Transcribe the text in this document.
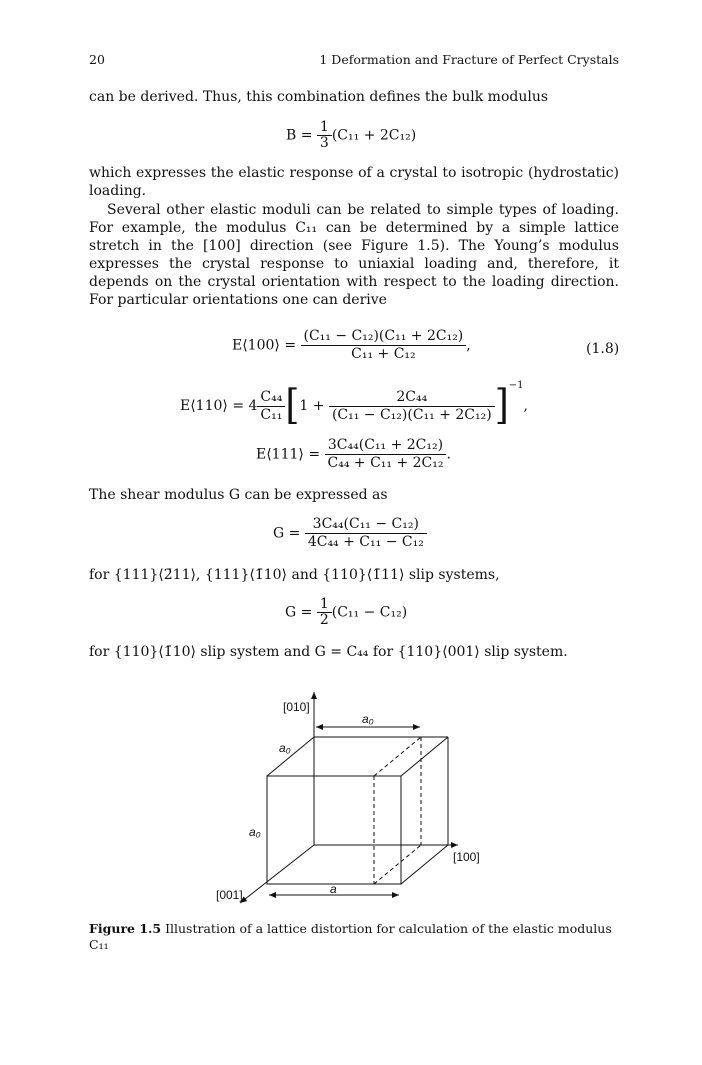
20	1 Deformation and Fracture of Perfect Crystals
can be derived. Thus, this combination defines the bulk modulus
$B = \frac{1}{3} (C_{11} + 2C_{12})$
which expresses the elastic response of a crystal to isotropic (hydrostatic) loading.
Several other elastic moduli can be related to simple types of loading. For example, the modulus C₁₁ can be determined by a simple lattice stretch in the [100] direction (see Figure 1.5). The Young’s modulus expresses the crystal response to uniaxial loading and, therefore, it depends on the crystal orientation with respect to the loading direction. For particular orientations one can derive
E⟨100⟩ = $\frac{\text{(C₁₁ − C₁₂)(C₁₁ + 2C₁₂)}}{\text{C₁₁ + C₁₂}}$ ,	(1.8)
E⟨110⟩ = $4 \frac{\text{C₄₄}}{\text{C₁₁}} [1 + \frac{\text{2C₄₄}}{\text{(C₁₁ − C₁₂)(C₁₁ + 2C₁₂)}} ]^{-1}$,
E⟨111⟩ = $\frac{\text{3C₄₄(C₁₁ + 2C₁₂)}}{\text{C₄₄ + C₁₁ + 2C₁₂}}$ .
The shear modulus G can be expressed as
$G = \frac{\text{3C₄₄(C₁₁ − C₁₂)}}{\text{4C₄₄ + C₁₁ − C₁₂}}$
for {111}⟨2̄11⟩, {111}⟨1̄10⟩ and {110}⟨1̄11⟩ slip systems,
$G = \frac{1}{2} (C_{11} - C_{12})$
for {110}⟨1̄10⟩ slip system and G = C₄₄ for {110}⟨001⟩ slip system.
[010]
[100]
[001]
a₀
a₀
a₀
a
Figure 1.5 Illustration of a lattice distortion for calculation of the elastic modulus C₁₁
